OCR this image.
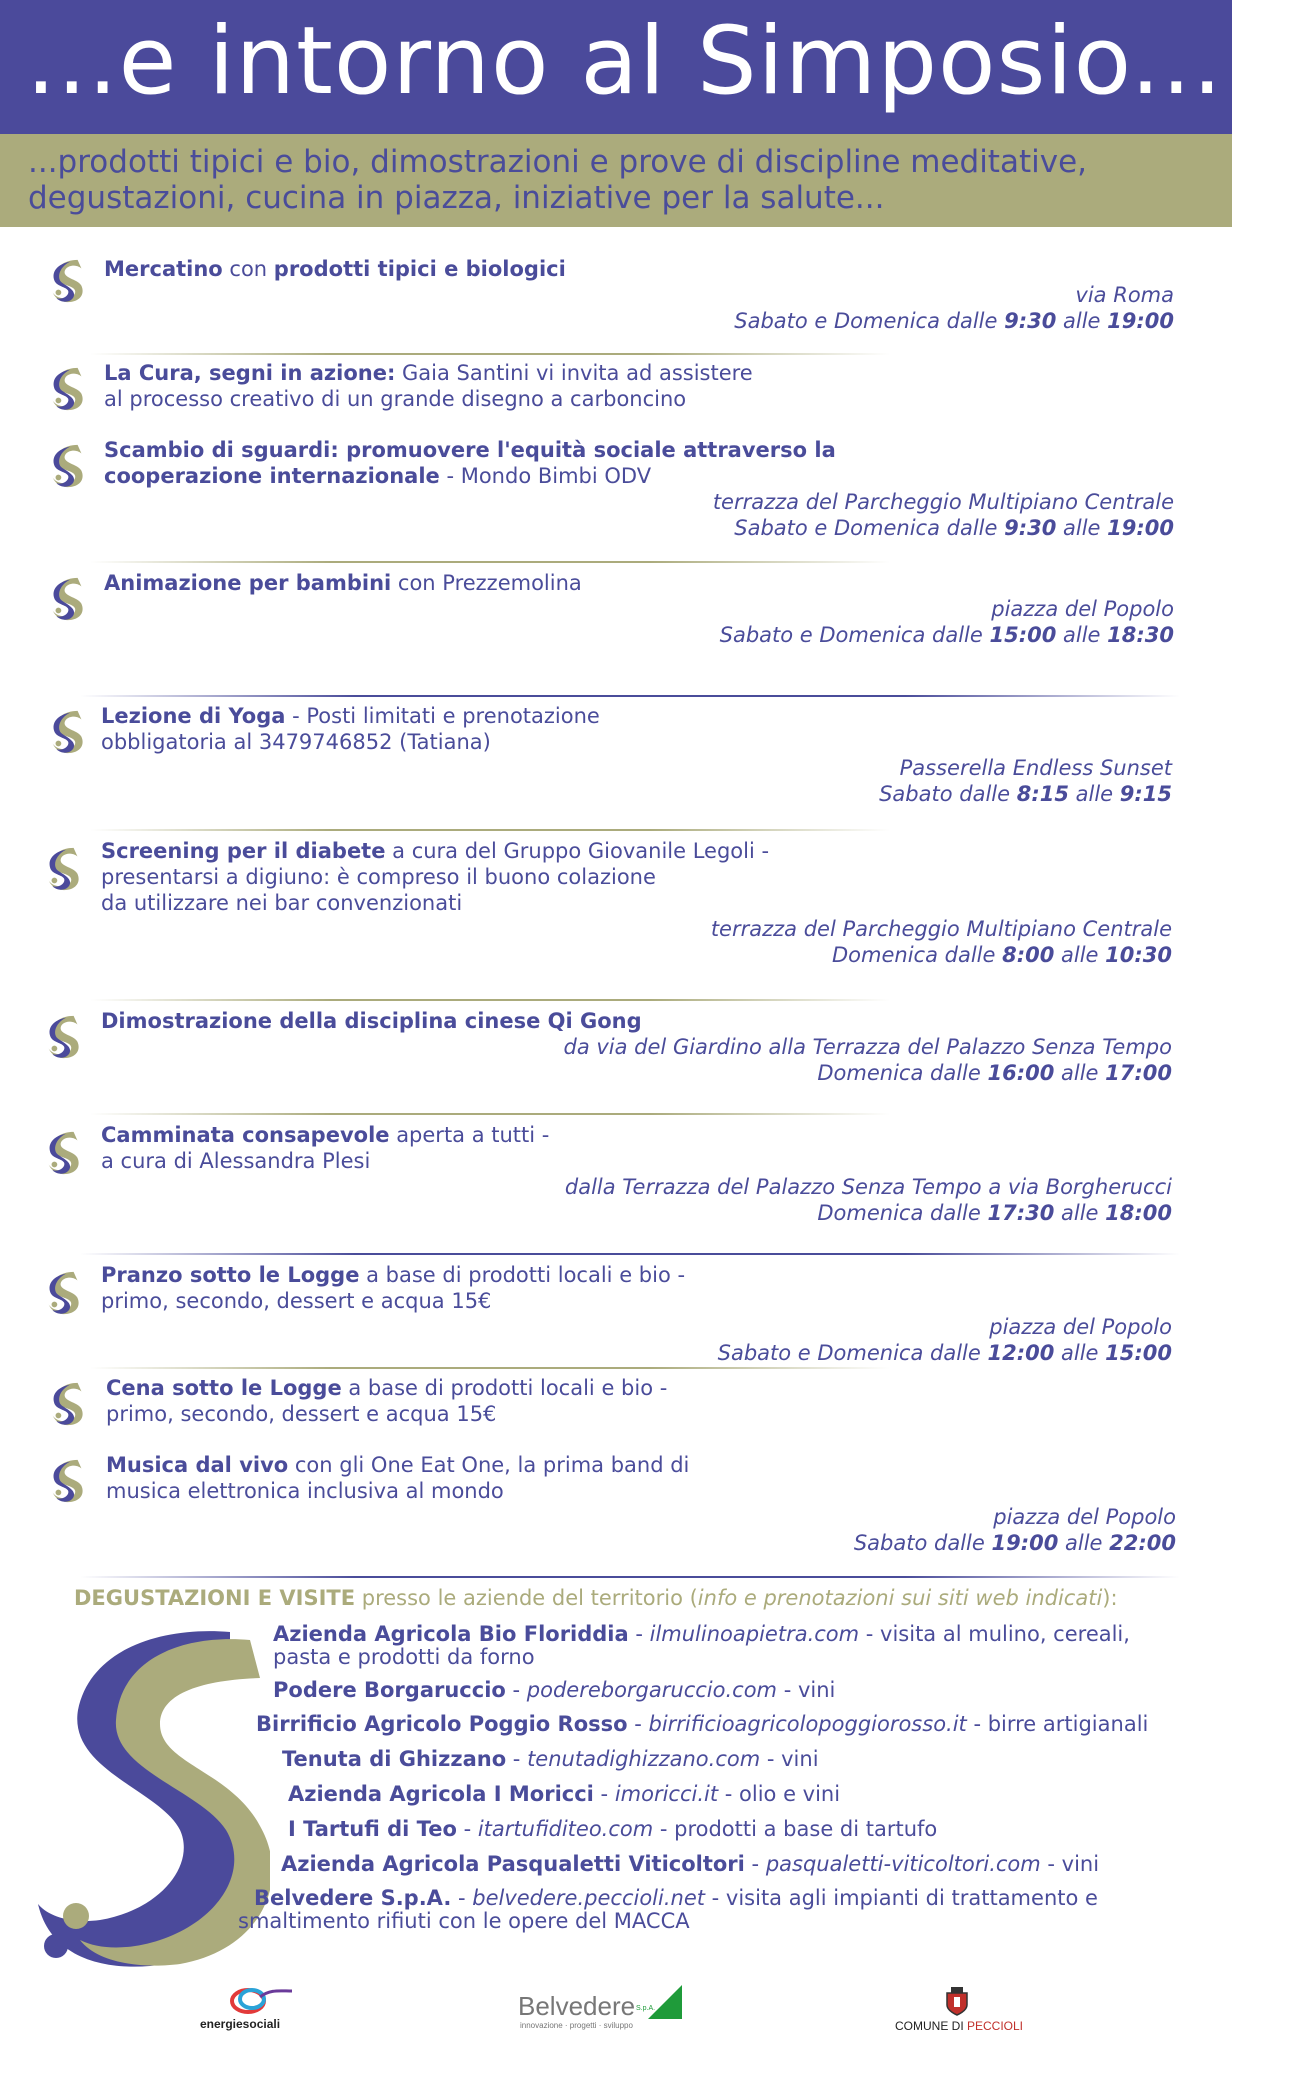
...e intorno al Simposio...
...prodotti tipici e bio, dimostrazioni e prove di discipline meditative,
degustazioni, cucina in piazza, iniziative per la salute...
Mercatino con prodotti tipici e biologici
via Roma
Sabato e Domenica dalle 9:30 alle 19:00
La Cura, segni in azione: Gaia Santini vi invita ad assistere
al processo creativo di un grande disegno a carboncino
Scambio di sguardi: promuovere l'equità sociale attraverso la
cooperazione internazionale - Mondo Bimbi ODV
terrazza del Parcheggio Multipiano Centrale
Sabato e Domenica dalle 9:30 alle 19:00
Animazione per bambini con Prezzemolina
piazza del Popolo
Sabato e Domenica dalle 15:00 alle 18:30
Lezione di Yoga - Posti limitati e prenotazione
obbligatoria al 3479746852 (Tatiana)
Passerella Endless Sunset
Sabato dalle 8:15 alle 9:15
Screening per il diabete a cura del Gruppo Giovanile Legoli -
presentarsi a digiuno: è compreso il buono colazione
da utilizzare nei bar convenzionati
terrazza del Parcheggio Multipiano Centrale
Domenica dalle 8:00 alle 10:30
Dimostrazione della disciplina cinese Qi Gong
da via del Giardino alla Terrazza del Palazzo Senza Tempo
Domenica dalle 16:00 alle 17:00
Camminata consapevole aperta a tutti -
a cura di Alessandra Plesi
dalla Terrazza del Palazzo Senza Tempo a via Borgherucci
Domenica dalle 17:30 alle 18:00
Pranzo sotto le Logge a base di prodotti locali e bio -
primo, secondo, dessert e acqua 15€
piazza del Popolo
Sabato e Domenica dalle 12:00 alle 15:00
Cena sotto le Logge a base di prodotti locali e bio -
primo, secondo, dessert e acqua 15€
Musica dal vivo con gli One Eat One, la prima band di
musica elettronica inclusiva al mondo
piazza del Popolo
Sabato dalle 19:00 alle 22:00
DEGUSTAZIONI E VISITE presso le aziende del territorio (info e prenotazioni sui siti web indicati):
Azienda Agricola Bio Floriddia - ilmulinoapietra.com - visita al mulino, cereali,
pasta e prodotti da forno
Podere Borgaruccio - podereborgaruccio.com - vini
Birrificio Agricolo Poggio Rosso - birrificioagricolopoggiorosso.it - birre artigianali
Tenuta di Ghizzano - tenutadighizzano.com - vini
Azienda Agricola I Moricci - imoricci.it - olio e vini
I Tartufi di Teo - itartufiditeo.com - prodotti a base di tartufo
Azienda Agricola Pasqualetti Viticoltori - pasqualetti-viticoltori.com - vini
Belvedere S.p.A. - belvedere.peccioli.net - visita agli impianti di trattamento e
smaltimento rifiuti con le opere del MACCA
energiesociali
Belvedere S.p.A.
innovazione · progetti · sviluppo	COMUNE DI PECCIOLI
